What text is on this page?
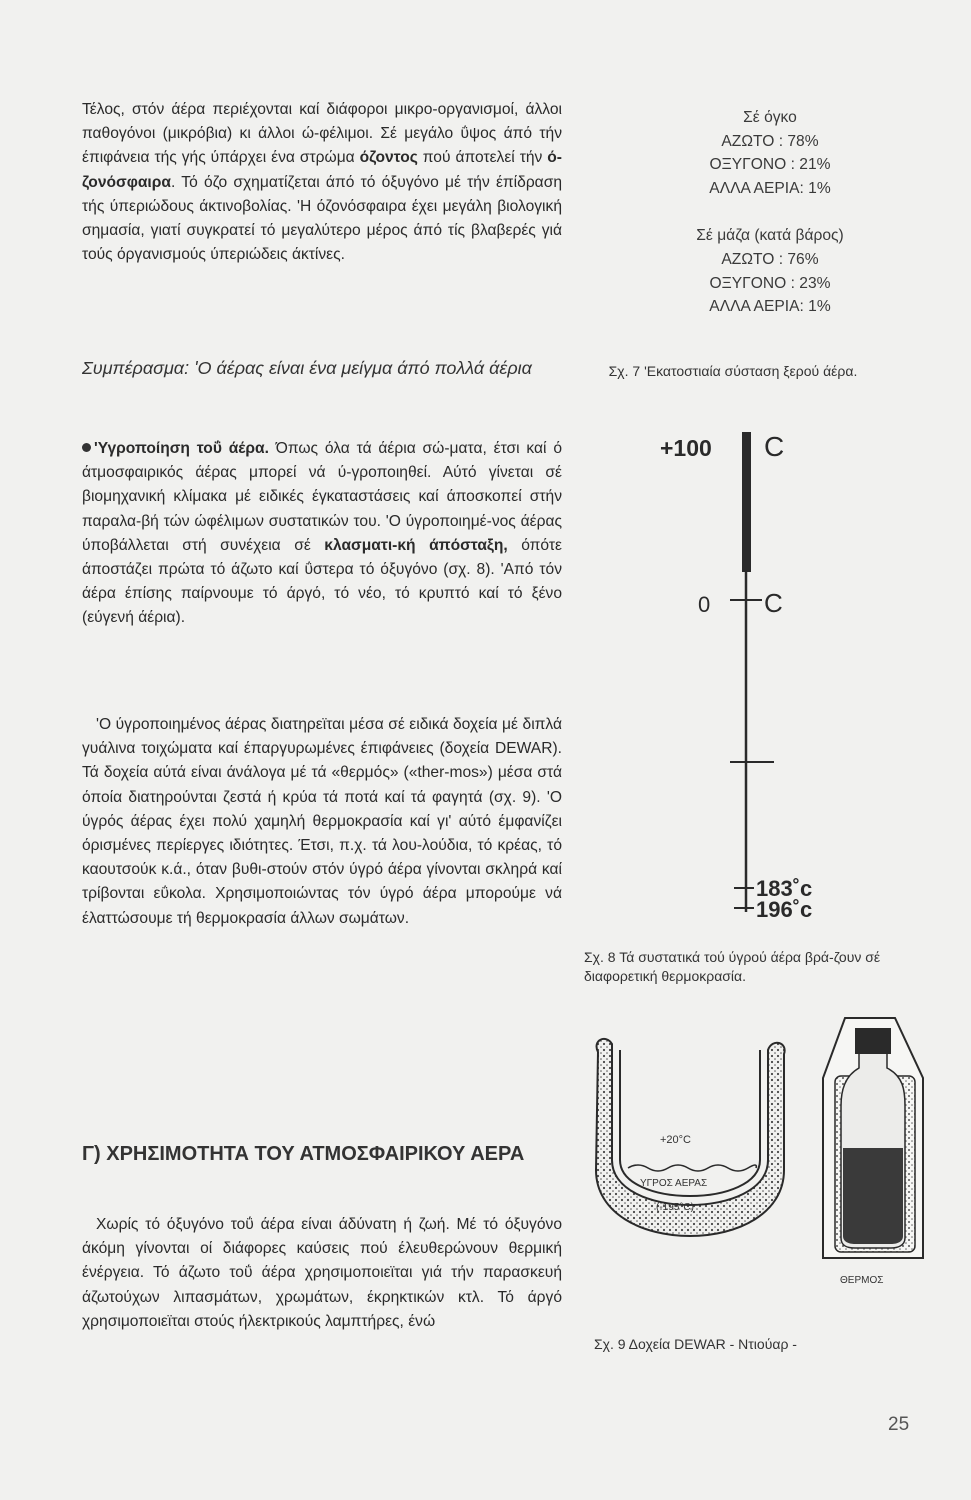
Τέλος, στόν άέρα περιέχονται καί διάφοροι μικρο-οργανισμοί, άλλοι παθογόνοι (μικρόβια) κι άλλοι ώ-φέλιμοι. Σέ μεγάλο ΰψος άπό τήν έπιφάνεια τής γής ύπάρχει ένα στρώμα όζοντος πού άποτελεί τήν ό-ζονόσφαιρα. Τό όζο σχηματίζεται άπό τό όξυγόνο μέ τήν έπίδραση τής ύπεριώδους άκτινοβολίας. 'Η όζονόσφαιρα έχει μεγάλη βιολογική σημασία, γιατί συγκρατεί τό μεγαλύτερο μέρος άπό τίς βλαβερές γιά τούς όργανισμούς ύπεριώδεις άκτίνες.

Συμπέρασμα: 'Ο άέρας είναι ένα μείγμα άπό πολλά άέρια

'Υγροποίηση τοΰ άέρα. Όπως όλα τά άέρια σώ-ματα, έτσι καί ό άτμοσφαιρικός άέρας μπορεί νά ύ-γροποιηθεί. Αύτό γίνεται σέ βιομηχανική κλίμακα μέ ειδικές έγκαταστάσεις καί άποσκοπεί στήν παραλα-βή τών ώφέλιμων συστατικών του. 'Ο ύγροποιημέ-νος άέρας ύποβάλλεται στή συνέχεια σέ κλασματι-κή άπόσταξη, όπότε άποστάζει πρώτα τό άζωτο καί ΰστερα τό όξυγόνο (σχ. 8). 'Από τόν άέρα έπίσης παίρνουμε τό άργό, τό νέο, τό κρυπτό καί τό ξένο (εύγενή άέρια).

'Ο ύγροποιημένος άέρας διατηρεϊται μέσα σέ ειδικά δοχεία μέ διπλά γυάλινα τοιχώματα καί έπαργυρωμένες έπιφάνειες (δοχεία DEWAR). Τά δοχεία αύτά είναι άνάλογα μέ τά «θερμός» («ther-mos») μέσα στά όποία διατηρούνται ζεστά ή κρύα τά ποτά καί τά φαγητά (σχ. 9). 'Ο ύγρός άέρας έχει πολύ χαμηλή θερμοκρασία καί γι' αύτό έμφανίζει όρισμένες περίεργες ιδιότητες. Έτσι, π.χ. τά λου-λούδια, τό κρέας, τό καουτσούκ κ.ά., όταν βυθι-στούν στόν ύγρό άέρα γίνονται σκληρά καί τρίβονται εΰκολα. Χρησιμοποιώντας τόν ύγρό άέρα μπορούμε νά έλαττώσουμε τή θερμοκρασία άλλων σωμάτων.

Γ) ΧΡΗΣΙΜΟΤΗΤΑ ΤΟΥ ΑΤΜΟΣΦΑΙΡΙΚΟΥ ΑΕΡΑ

Χωρίς τό όξυγόνο τοΰ άέρα είναι άδύνατη ή ζωή. Μέ τό όξυγόνο άκόμη γίνονται οί διάφορες καύσεις πού έλευθερώνουν θερμική ένέργεια. Τό άζωτο τοΰ άέρα χρησιμοποιεϊται γιά τήν παρασκευή άζωτούχων λιπασμάτων, χρωμάτων, έκρηκτικών κτλ. Τό άργό χρησιμοποιεϊται στούς ήλεκτρικούς λαμπτήρες, ένώ

Σέ όγκο
ΑΖΩΤΟ : 78%
ΟΞΥΓΟΝΟ : 21%
ΑΛΛΑ ΑΕΡΙΑ: 1%
Σέ μάζα (κατά βάρος)
ΑΖΩΤΟ : 76%
ΟΞΥΓΟΝΟ : 23%
ΑΛΛΑ ΑΕΡΙΑ: 1%
Σχ. 7 'Εκατοστιαία σύσταση ξερού άέρα.
+100 C
0 C
183˚c
196˚c
Σχ. 8 Τά συστατικά τού ύγρού άέρα βρά-ζουν σέ διαφορετική θερμοκρασία.
+20°C
ΥΓΡΟΣ ΑΕΡΑΣ
(-195°C)
ΘΕΡΜΟΣ
Σχ. 9 Δοχεία DEWAR - Ντιούαρ -
25
